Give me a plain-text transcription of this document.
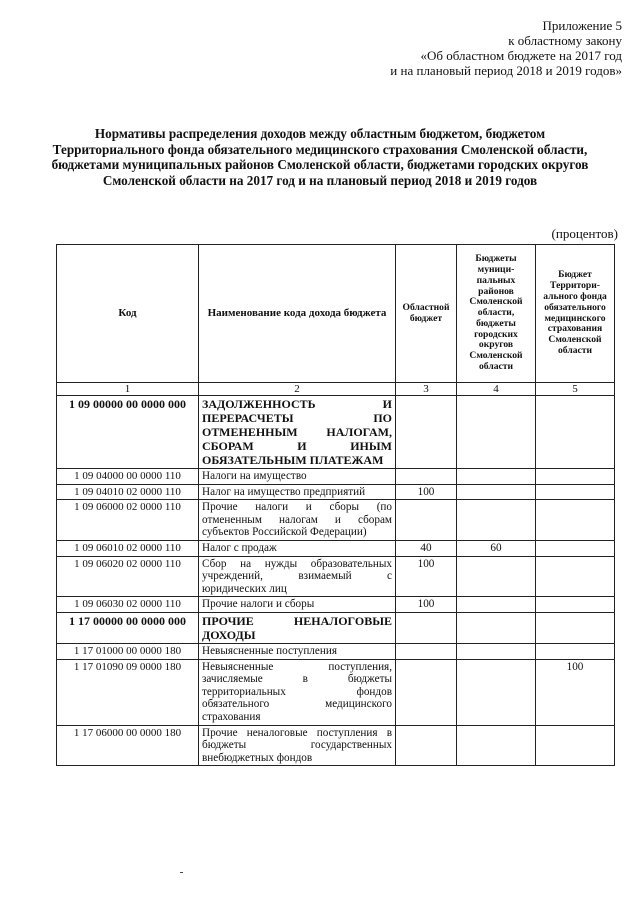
Приложение 5
к областному закону
«Об областном бюджете на 2017 год
и на плановый период 2018 и 2019 годов»
Нормативы распределения доходов между областным бюджетом, бюджетом Территориального фонда обязательного медицинского страхования Смоленской области, бюджетами муниципальных районов Смоленской области, бюджетами городских округов Смоленской области на 2017 год и на плановый период 2018 и 2019 годов
(процентов)
Код	Наименование кода дохода бюджета	Областной бюджет	Бюджеты муници-пальных районов Смоленской области, бюджеты городских округов Смоленской области	Бюджет Территори-ального фонда обязательного медицинского страхования Смоленской области
1	2	3	4	5
1 09 00000 00 0000 000	ЗАДОЛЖЕННОСТЬ И ПЕРЕРАСЧЕТЫ ПО ОТМЕНЕННЫМ НАЛОГАМ, СБОРАМ И ИНЫМ ОБЯЗАТЕЛЬНЫМ ПЛАТЕЖАМ			
1 09 04000 00 0000 110	Налоги на имущество			
1 09 04010 02 0000 110	Налог на имущество предприятий	100		
1 09 06000 02 0000 110	Прочие налоги и сборы (по отмененным налогам и сборам субъектов Российской Федерации)			
1 09 06010 02 0000 110	Налог с продаж	40	60	
1 09 06020 02 0000 110	Сбор на нужды образовательных учреждений, взимаемый с юридических лиц	100		
1 09 06030 02 0000 110	Прочие налоги и сборы	100		
1 17 00000 00 0000 000	ПРОЧИЕ НЕНАЛОГОВЫЕ ДОХОДЫ			
1 17 01000 00 0000 180	Невыясненные поступления			
1 17 01090 09 0000 180	Невыясненные поступления, зачисляемые в бюджеты территориальных фондов обязательного медицинского страхования			100
1 17 06000 00 0000 180	Прочие неналоговые поступления в бюджеты государственных внебюджетных фондов			
